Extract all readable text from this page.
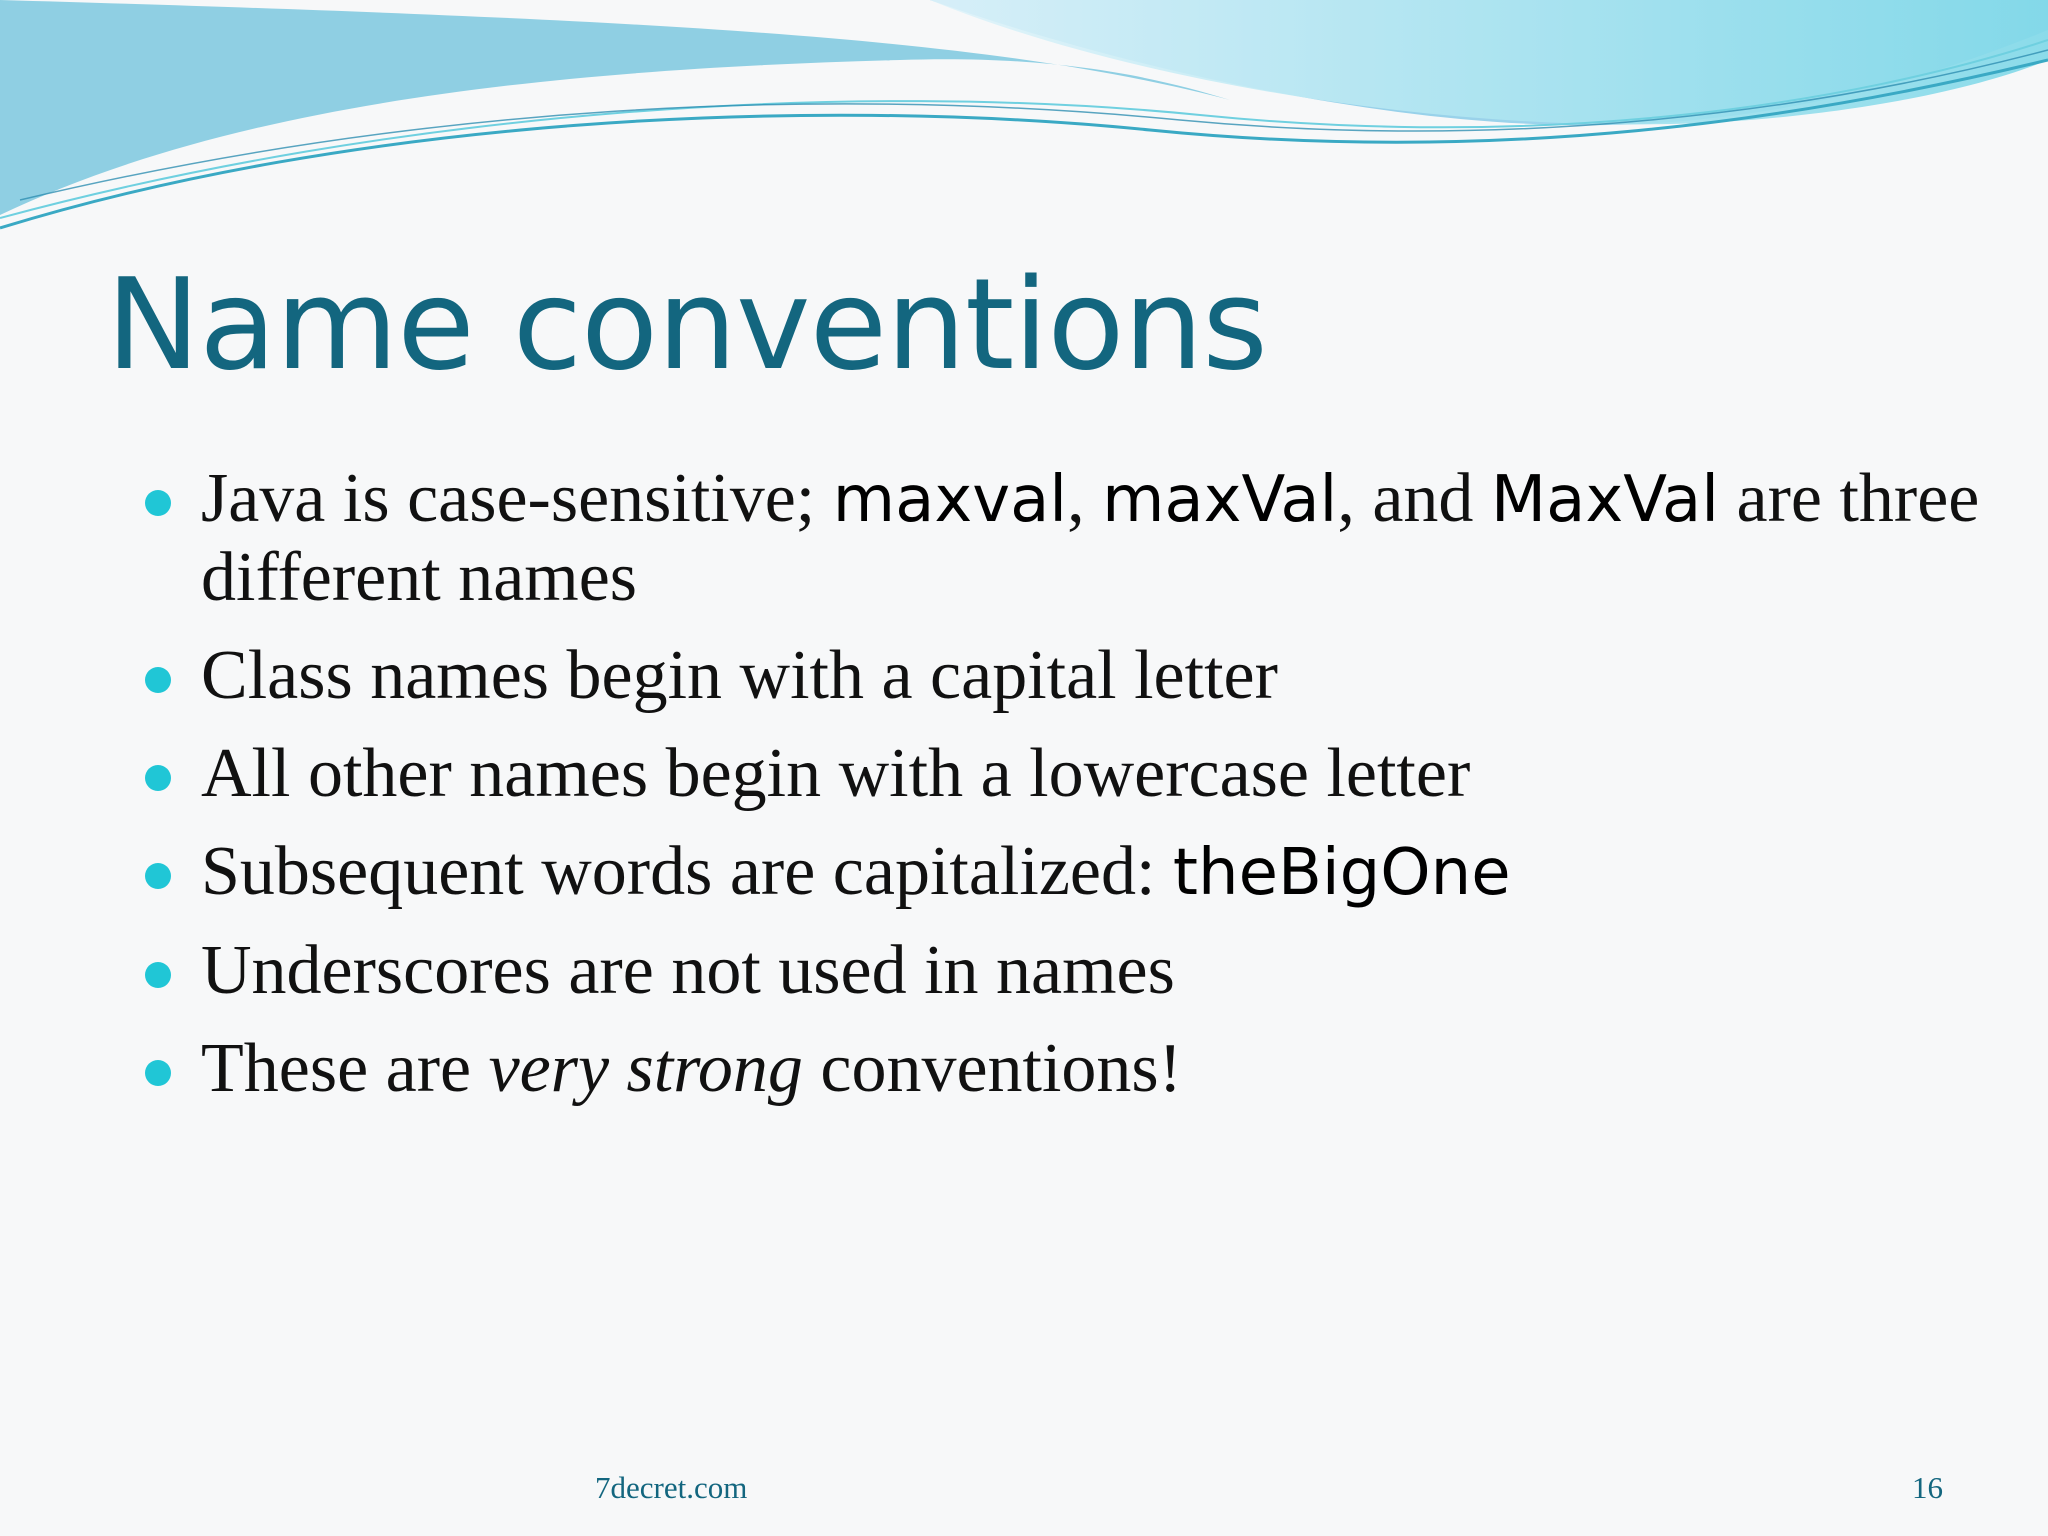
Name conventions
Java is case-sensitive; maxval, maxVal, and MaxVal are three different names
Class names begin with a capital letter
All other names begin with a lowercase letter
Subsequent words are capitalized: theBigOne
Underscores are not used in names
These are very strong conventions!
7decret.com	16
